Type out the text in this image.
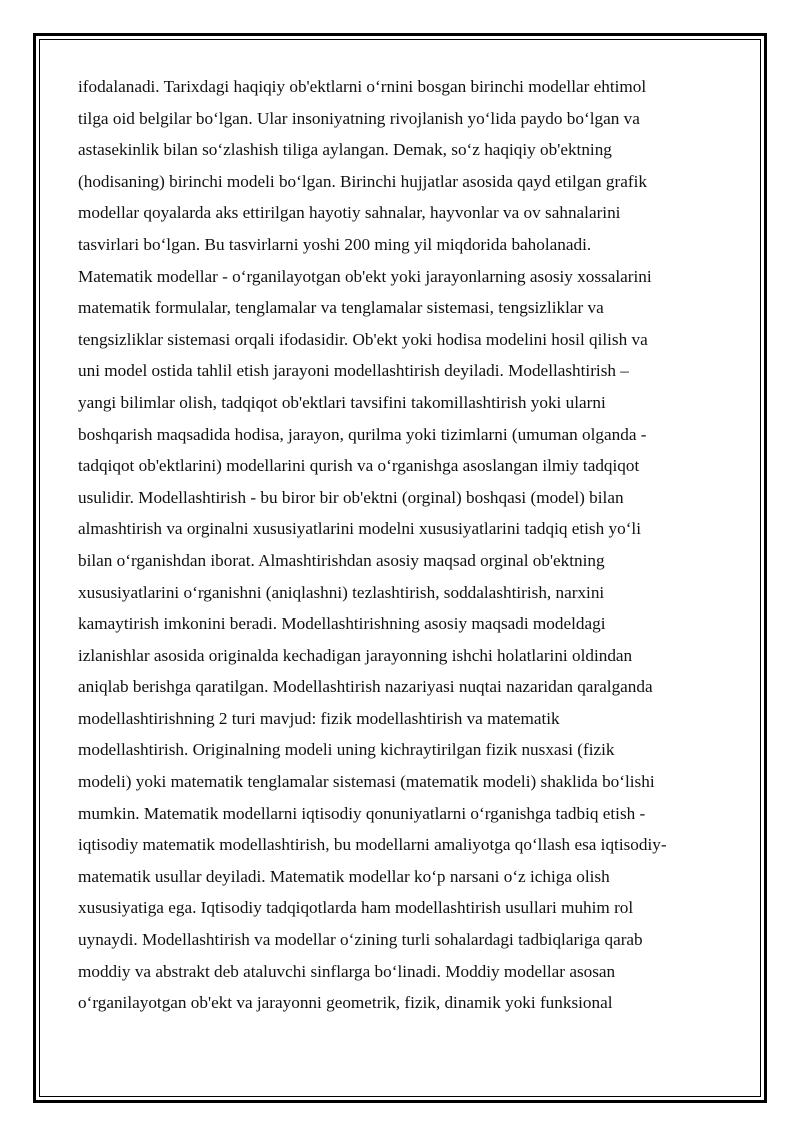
ifodalanadi. Tarixdagi haqiqiy ob'ektlarni o‘rnini bosgan birinchi modellar ehtimol
tilga oid belgilar bo‘lgan. Ular insoniyatning rivojlanish yo‘lida paydo bo‘lgan va
astasekinlik bilan so‘zlashish tiliga aylangan. Demak, so‘z haqiqiy ob'ektning
(hodisaning) birinchi modeli bo‘lgan. Birinchi hujjatlar asosida qayd etilgan grafik
modellar qoyalarda aks ettirilgan hayotiy sahnalar, hayvonlar va ov sahnalarini
tasvirlari bo‘lgan. Bu tasvirlarni yoshi 200 ming yil miqdorida baholanadi.
Matematik modellar - o‘rganilayotgan ob'ekt yoki jarayonlarning asosiy xossalarini
matematik formulalar, tenglamalar va tenglamalar sistemasi, tengsizliklar va
tengsizliklar sistemasi orqali ifodasidir. Ob'ekt yoki hodisa modelini hosil qilish va
uni model ostida tahlil etish jarayoni modellashtirish deyiladi. Modellashtirish –
yangi bilimlar olish, tadqiqot ob'ektlari tavsifini takomillashtirish yoki ularni
boshqarish maqsadida hodisa, jarayon, qurilma yoki tizimlarni (umuman olganda -
tadqiqot ob'ektlarini) modellarini qurish va o‘rganishga asoslangan ilmiy tadqiqot
usulidir. Modellashtirish - bu biror bir ob'ektni (orginal) boshqasi (model) bilan
almashtirish va orginalni xususiyatlarini modelni xususiyatlarini tadqiq etish yo‘li
bilan o‘rganishdan iborat. Almashtirishdan asosiy maqsad orginal ob'ektning
xususiyatlarini o‘rganishni (aniqlashni) tezlashtirish, soddalashtirish, narxini
kamaytirish imkonini beradi. Modellashtirishning asosiy maqsadi modeldagi
izlanishlar asosida originalda kechadigan jarayonning ishchi holatlarini oldindan
aniqlab berishga qaratilgan. Modellashtirish nazariyasi nuqtai nazaridan qaralganda
modellashtirishning 2 turi mavjud: fizik modellashtirish va matematik
modellashtirish. Originalning modeli uning kichraytirilgan fizik nusxasi (fizik
modeli) yoki matematik tenglamalar sistemasi (matematik modeli) shaklida bo‘lishi
mumkin. Matematik modellarni iqtisodiy qonuniyatlarni o‘rganishga tadbiq etish -
iqtisodiy matematik modellashtirish, bu modellarni amaliyotga qo‘llash esa iqtisodiy-
matematik usullar deyiladi. Matematik modellar ko‘p narsani o‘z ichiga olish
xususiyatiga ega. Iqtisodiy tadqiqotlarda ham modellashtirish usullari muhim rol
uynaydi. Modellashtirish va modellar o‘zining turli sohalardagi tadbiqlariga qarab
moddiy va abstrakt deb ataluvchi sinflarga bo‘linadi. Moddiy modellar asosan
o‘rganilayotgan ob'ekt va jarayonni geometrik, fizik, dinamik yoki funksional
